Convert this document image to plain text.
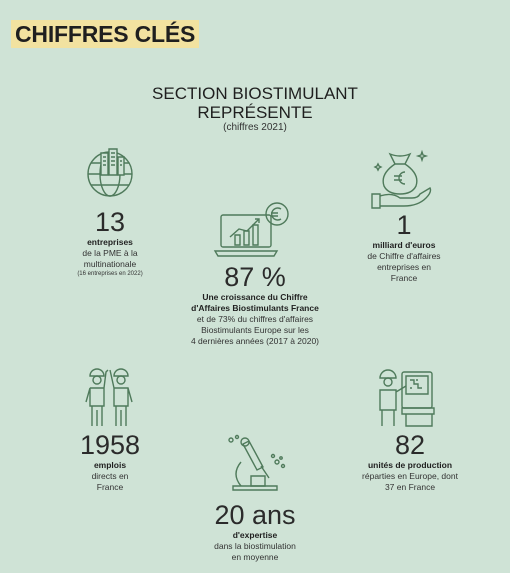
CHIFFRES CLÉS
SECTION BIOSTIMULANT
REPRÉSENTE
(chiffres 2021)
13
entreprises
de la PME à la
multinationale
(16 entreprises en 2022)	87 %
Une croissance du Chiffre
d'Affaires Biostimulants France
et de 73% du chiffres d'affaires
Biostimulants Europe sur les
4 dernières années (2017 à 2020)
1
milliard d'euros
de Chiffre d'affaires
entreprises en
France
1958
emplois
directs en
France
20 ans
d'expertise
dans la biostimulation
en moyenne
82
unités de production
réparties en Europe, dont
37 en France
